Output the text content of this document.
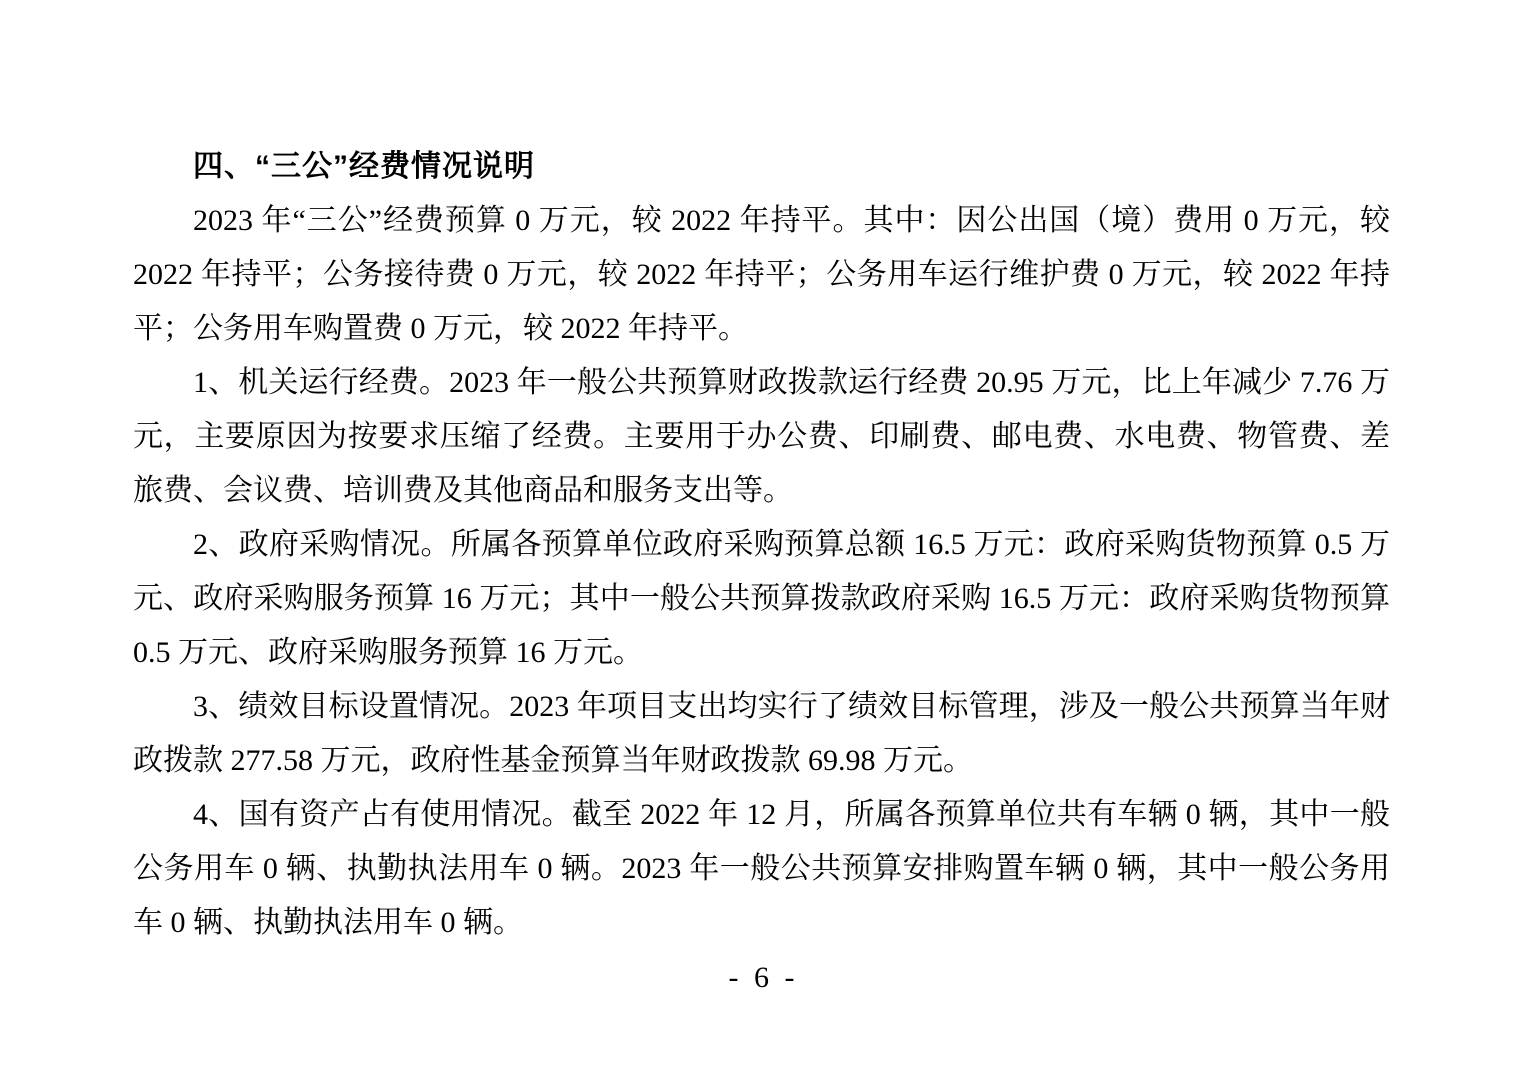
四、“三公”经费情况说明

2023 年“三公”经费预算 0 万元，较 2022 年持平。其中：因公出国（境）费用 0 万元，较 2022 年持平；公务接待费 0 万元，较 2022 年持平；公务用车运行维护费 0 万元，较 2022 年持平；公务用车购置费 0 万元，较 2022 年持平。

1、机关运行经费。2023 年一般公共预算财政拨款运行经费 20.95 万元，比上年减少 7.76 万元，主要原因为按要求压缩了经费。主要用于办公费、印刷费、邮电费、水电费、物管费、差旅费、会议费、培训费及其他商品和服务支出等。

2、政府采购情况。所属各预算单位政府采购预算总额 16.5 万元：政府采购货物预算 0.5 万元、政府采购服务预算 16 万元；其中一般公共预算拨款政府采购 16.5 万元：政府采购货物预算 0.5 万元、政府采购服务预算 16 万元。

3、绩效目标设置情况。2023 年项目支出均实行了绩效目标管理，涉及一般公共预算当年财政拨款 277.58 万元，政府性基金预算当年财政拨款 69.98 万元。

4、国有资产占有使用情况。截至 2022 年 12 月，所属各预算单位共有车辆 0 辆，其中一般公务用车 0 辆、执勤执法用车 0 辆。2023 年一般公共预算安排购置车辆 0 辆，其中一般公务用车 0 辆、执勤执法用车 0 辆。

- 6 -
